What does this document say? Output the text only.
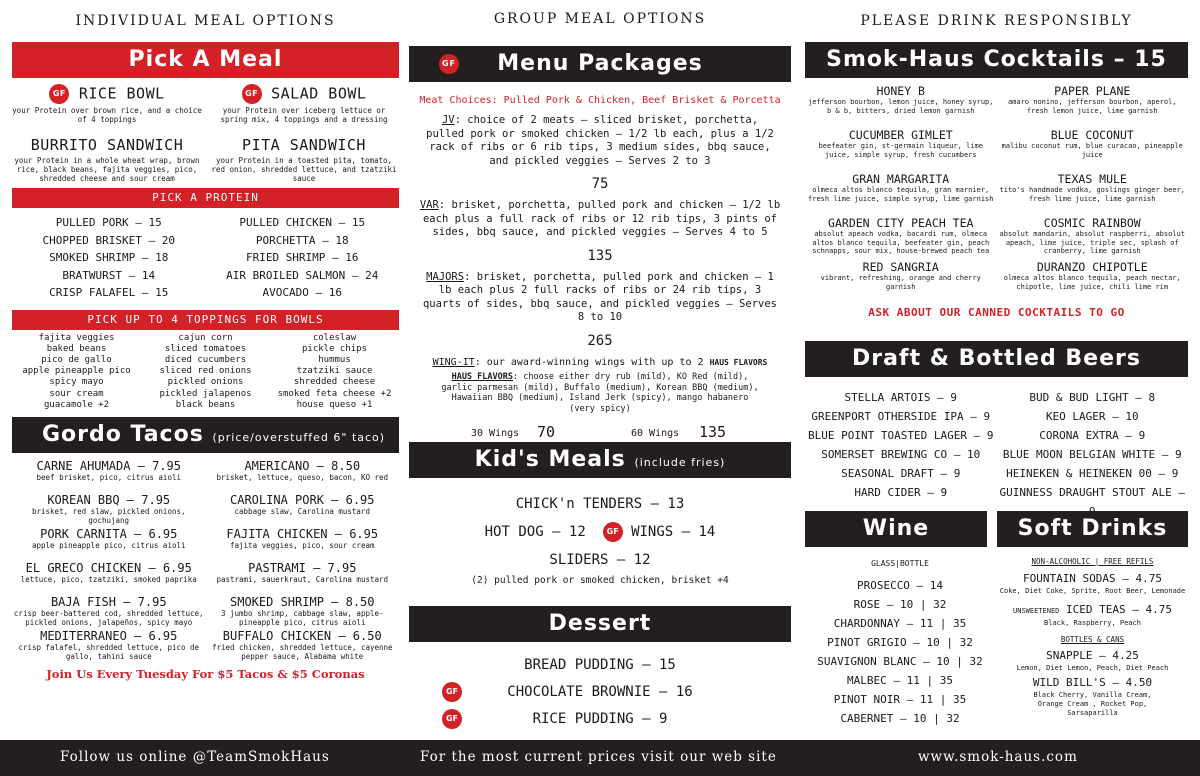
INDIVIDUAL MEAL OPTIONS
Pick A Meal
GF RICE BOWL
your Protein over brown rice, and a choice of 4 toppings
GF SALAD BOWL
your Protein over iceberg lettuce or spring mix, 4 toppings and a dressing
BURRITO SANDWICH
your Protein in a whole wheat wrap, brown rice, black beans, fajita veggies, pico, shredded cheese and sour cream
PITA SANDWICH
your Protein in a toasted pita, tomato, red onion, shredded lettuce, and tzatziki sauce
PICK A PROTEIN
PULLED PORK – 15	PULLED CHICKEN – 15
CHOPPED BRISKET – 20	PORCHETTA – 18
SMOKED SHRIMP – 18	FRIED SHRIMP – 16
BRATWURST – 14	AIR BROILED SALMON – 24
CRISP FALAFEL – 15	AVOCADO – 16
PICK UP TO 4 TOPPINGS FOR BOWLS
fajita veggies	cajun corn	coleslaw
baked beans	sliced tomatoes	pickle chips
pico de gallo	diced cucumbers	hummus
apple pineapple pico	sliced red onions	tzatziki sauce
spicy mayo	pickled onions	shredded cheese
sour cream	pickled jalapenos	smoked feta cheese +2
guacamole +2	black beans	house queso +1
Gordo Tacos (price/overstuffed 6" taco)
CARNE AHUMADA – 7.95
beef brisket, pico, citrus aioli
AMERICANO – 8.50
brisket, lettuce, queso, bacon, KO red
KOREAN BBQ – 7.95
brisket, red slaw, pickled onions, gochujang
CAROLINA PORK – 6.95
cabbage slaw, Carolina mustard
PORK CARNITA – 6.95
apple pineapple pico, citrus aioli
FAJITA CHICKEN – 6.95
fajita veggies, pico, sour cream
EL GRECO CHICKEN – 6.95
lettuce, pico, tzatziki, smoked paprika
PASTRAMI – 7.95
pastrami, sauerkraut, Carolina mustard
BAJA FISH – 7.95
crisp beer-battered cod, shredded lettuce, pickled onions, jalapeños, spicy mayo
SMOKED SHRIMP – 8.50
3 jumbo shrimp, cabbage slaw, apple-pineapple pico, citrus aioli
MEDITERRANEO – 6.95
crisp falafel, shredded lettuce, pico de gallo, tahini sauce
BUFFALO CHICKEN – 6.50
fried chicken, shredded lettuce, cayenne pepper sauce, Alabama white
Join Us Every Tuesday For $5 Tacos & $5 Coronas
GROUP MEAL OPTIONS
GF Menu Packages
Meat Choices: Pulled Pork & Chicken, Beef Brisket & Porcetta
JV: choice of 2 meats – sliced brisket, porchetta, pulled pork or smoked chicken – 1/2 lb each, plus a 1/2 rack of ribs or 6 rib tips, 3 medium sides, bbq sauce, and pickled veggies – Serves 2 to 3
75
VAR: brisket, porchetta, pulled pork and chicken – 1/2 lb each plus a full rack of ribs or 12 rib tips, 3 pints of sides, bbq sauce, and pickled veggies – Serves 4 to 5
135
MAJORS: brisket, porchetta, pulled pork and chicken – 1 lb each plus 2 full racks of ribs or 24 rib tips, 3 quarts of sides, bbq sauce, and pickled veggies – Serves 8 to 10
265
WING-IT: our award-winning wings with up to 2 HAUS FLAVORS
HAUS FLAVORS: choose either dry rub (mild), KO Red (mild), garlic parmesan (mild), Buffalo (medium), Korean BBQ (medium), Hawaiian BBQ (medium), Island Jerk (spicy), mango habanero (very spicy)
30 Wings 70	60 Wings 135
Kid's Meals (include fries)
CHICK'n TENDERS – 13
HOT DOG – 12	GF WINGS – 14
SLIDERS – 12
(2) pulled pork or smoked chicken, brisket +4
Dessert
BREAD PUDDING – 15
GF	CHOCOLATE BROWNIE – 16
GF	RICE PUDDING – 9
PLEASE DRINK RESPONSIBLY
Smok-Haus Cocktails – 15
HONEY B
jefferson bourbon, lemon juice, honey syrup, b & b, bitters, dried lemon garnish
PAPER PLANE
amaro nonino, jefferson bourbon, aperol, fresh lemon juice, lime garnish
CUCUMBER GIMLET
beefeater gin, st-germain liqueur, lime juice, simple syrup, fresh cucumbers
BLUE COCONUT
malibu coconut rum, blue curacao, pineapple juice
GRAN MARGARITA
olmeca altos blanco tequila, gran marnier, fresh lime juice, simple syrup, lime garnish
TEXAS MULE
tito's handmade vodka, goslings ginger beer, fresh lime juice, lime garnish
GARDEN CITY PEACH TEA
absolut apeach vodka, bacardi rum, olmeca altos blanco tequila, beefeater gin, peach schnapps, sour mix, house-brewed peach tea
COSMIC RAINBOW
absolut mandarin, absolut raspberri, absolut apeach, lime juice, triple sec, splash of cranberry, lime garnish
RED SANGRIA
vibrant, refreshing, orange and cherry garnish
DURANZO CHIPOTLE
olmeca altos blanco tequila, peach nectar, chipotle, lime juice, chili lime rim
ASK ABOUT OUR CANNED COCKTAILS TO GO
Draft & Bottled Beers
STELLA ARTOIS – 9	BUD & BUD LIGHT – 8
GREENPORT OTHERSIDE IPA – 9	KEO LAGER – 10
BLUE POINT TOASTED LAGER – 9	CORONA EXTRA – 9
SOMERSET BREWING CO – 10	BLUE MOON BELGIAN WHITE – 9
SEASONAL DRAFT – 9	HEINEKEN & HEINEKEN 00 – 9
HARD CIDER – 9	GUINNESS DRAUGHT STOUT ALE –
Wine	Soft Drinks
GLASS|BOTTLE
PROSECCO – 14
ROSE – 10 | 32
CHARDONNAY – 11 | 35
PINOT GRIGIO – 10 | 32
SUAVIGNON BLANC – 10 | 32
MALBEC – 11 | 35
PINOT NOIR – 11 | 35
CABERNET – 10 | 32
NON-ALCOHOLIC | FREE REFILS
FOUNTAIN SODAS – 4.75
Coke, Diet Coke, Sprite, Root Beer, Lemonade
UNSWEETENED ICED TEAS – 4.75
Black, Raspberry, Peach
BOTTLES & CANS
SNAPPLE – 4.25
Lemon, Diet Lemon, Peach, Diet Peach
WILD BILL'S – 4.50
Black Cherry, Vanilla Cream, Orange Cream , Rocket Pop, Sarsaparilla
Follow us online @TeamSmokHaus	For the most current prices visit our web site	www.smok-haus.com
